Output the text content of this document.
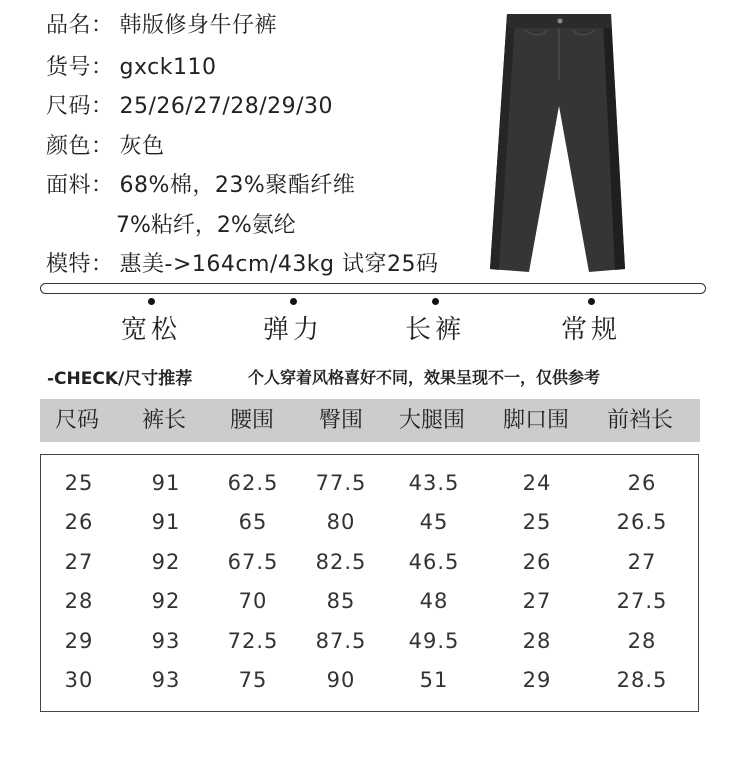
品名： 韩版修身牛仔裤
货号： gxck110
尺码： 25/26/27/28/29/30
颜色： 灰色
面料： 68%棉，23%聚酯纤维
7%粘纤，2%氨纶
模特： 惠美->164cm/43kg 试穿25码
宽松	弹力	长裤	常规
-CHECK/尺寸推荐	个人穿着风格喜好不同，效果呈现不一，仅供参考
尺码 裤长 腰围 臀围 大腿围 脚口围 前裆长
25	91 62.5 77.5 43.5	24	26
26	91	65	80	45	25	26.5
27	92 67.5 82.5 46.5	26	27
28	92	70	85	48	27	27.5
29	93 72.5 87.5 49.5	28	28
30	93	75	90	51	29	28.5
